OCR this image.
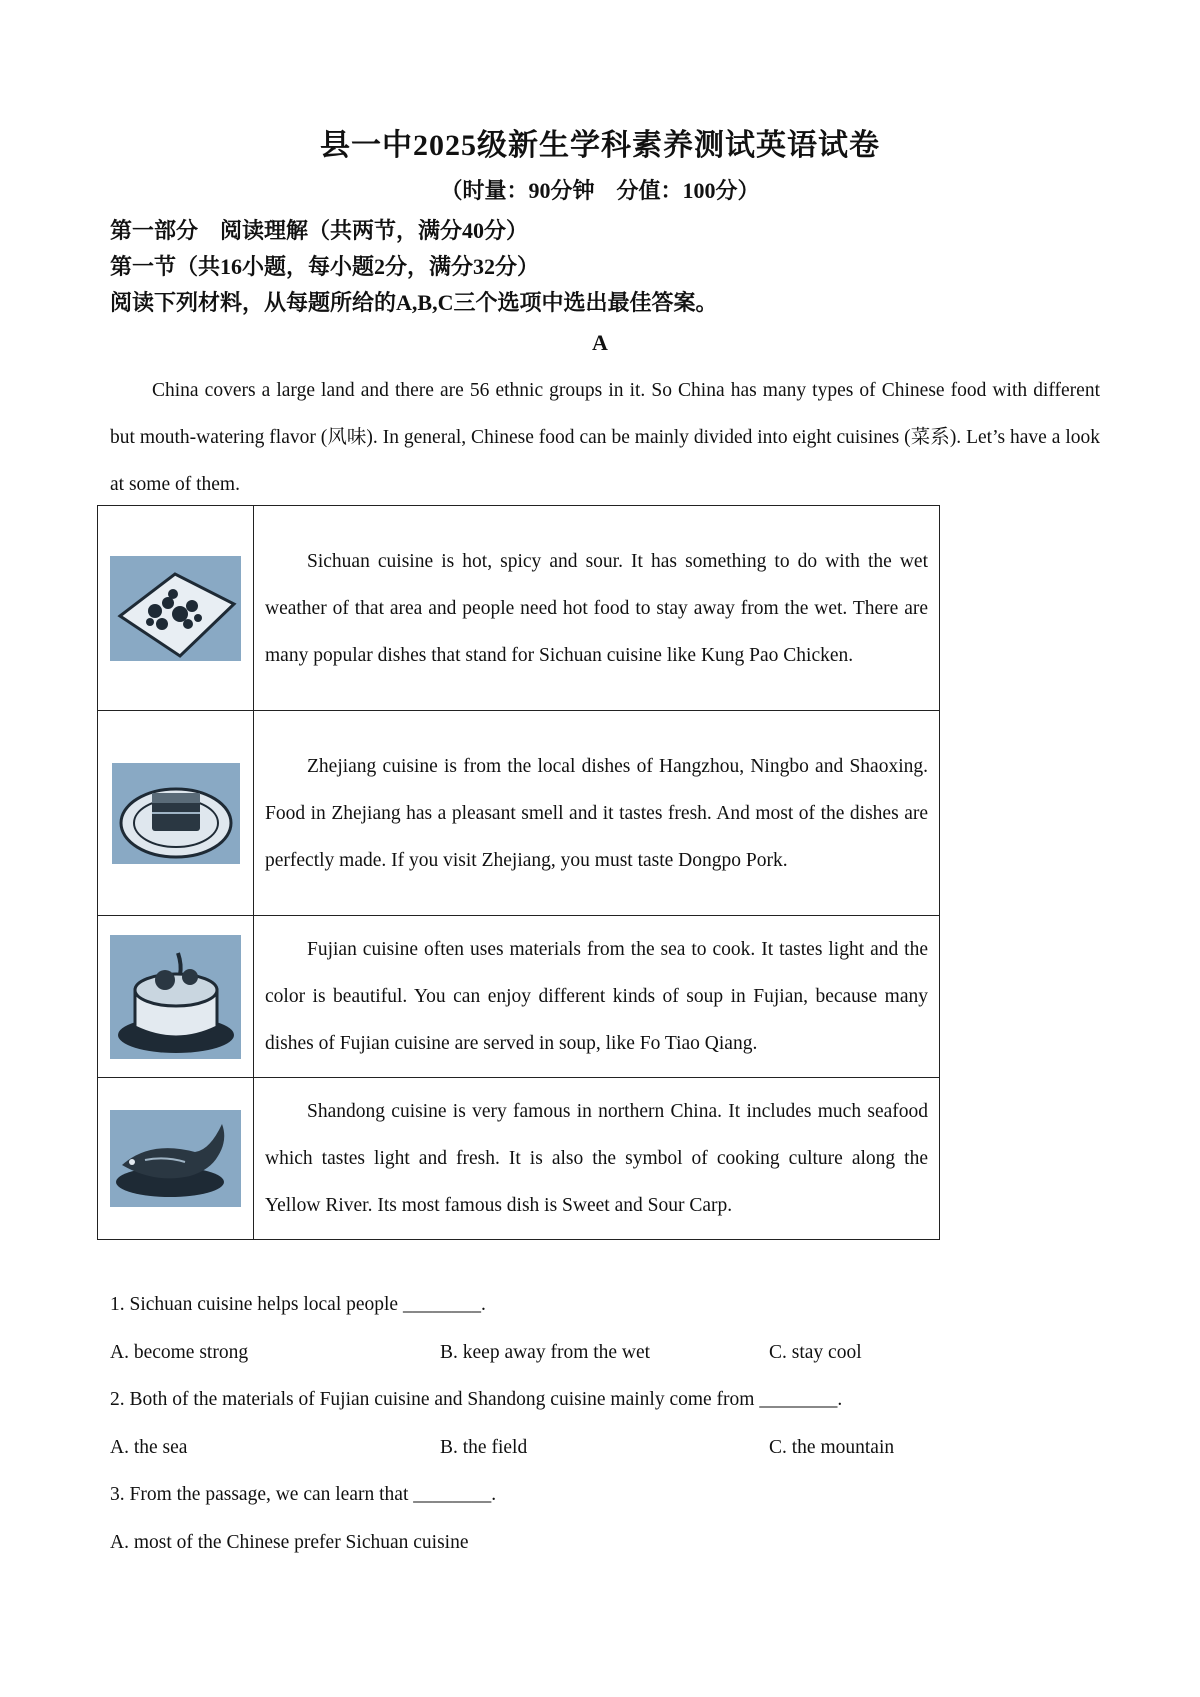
县一中2025级新生学科素养测试英语试卷
（时量：90分钟　分值：100分）
第一部分　阅读理解（共两节，满分40分）
第一节（共16小题，每小题2分，满分32分）
阅读下列材料，从每题所给的A,B,C三个选项中选出最佳答案。
A
China covers a large land and there are 56 ethnic groups in it. So China has many types of Chinese food with different but mouth-watering flavor (风味). In general, Chinese food can be mainly divided into eight cuisines (菜系). Let’s have a look at some of them.

Sichuan cuisine is hot, spicy and sour. It has something to do with the wet weather of that area and people need hot food to stay away from the wet. There are many popular dishes that stand for Sichuan cuisine like Kung Pao Chicken.

Zhejiang cuisine is from the local dishes of Hangzhou, Ningbo and Shaoxing. Food in Zhejiang has a pleasant smell and it tastes fresh. And most of the dishes are perfectly made. If you visit Zhejiang, you must taste Dongpo Pork.

Fujian cuisine often uses materials from the sea to cook. It tastes light and the color is beautiful. You can enjoy different kinds of soup in Fujian, because many dishes of Fujian cuisine are served in soup, like Fo Tiao Qiang.

Shandong cuisine is very famous in northern China. It includes much seafood which tastes light and fresh. It is also the symbol of cooking culture along the Yellow River. Its most famous dish is Sweet and Sour Carp.

1. Sichuan cuisine helps local people ________.
A. become strong	B. keep away from the wet	C. stay cool
2. Both of the materials of Fujian cuisine and Shandong cuisine mainly come from ________.
A. the sea	B. the field	C. the mountain
3. From the passage, we can learn that ________.
A. most of the Chinese prefer Sichuan cuisine
